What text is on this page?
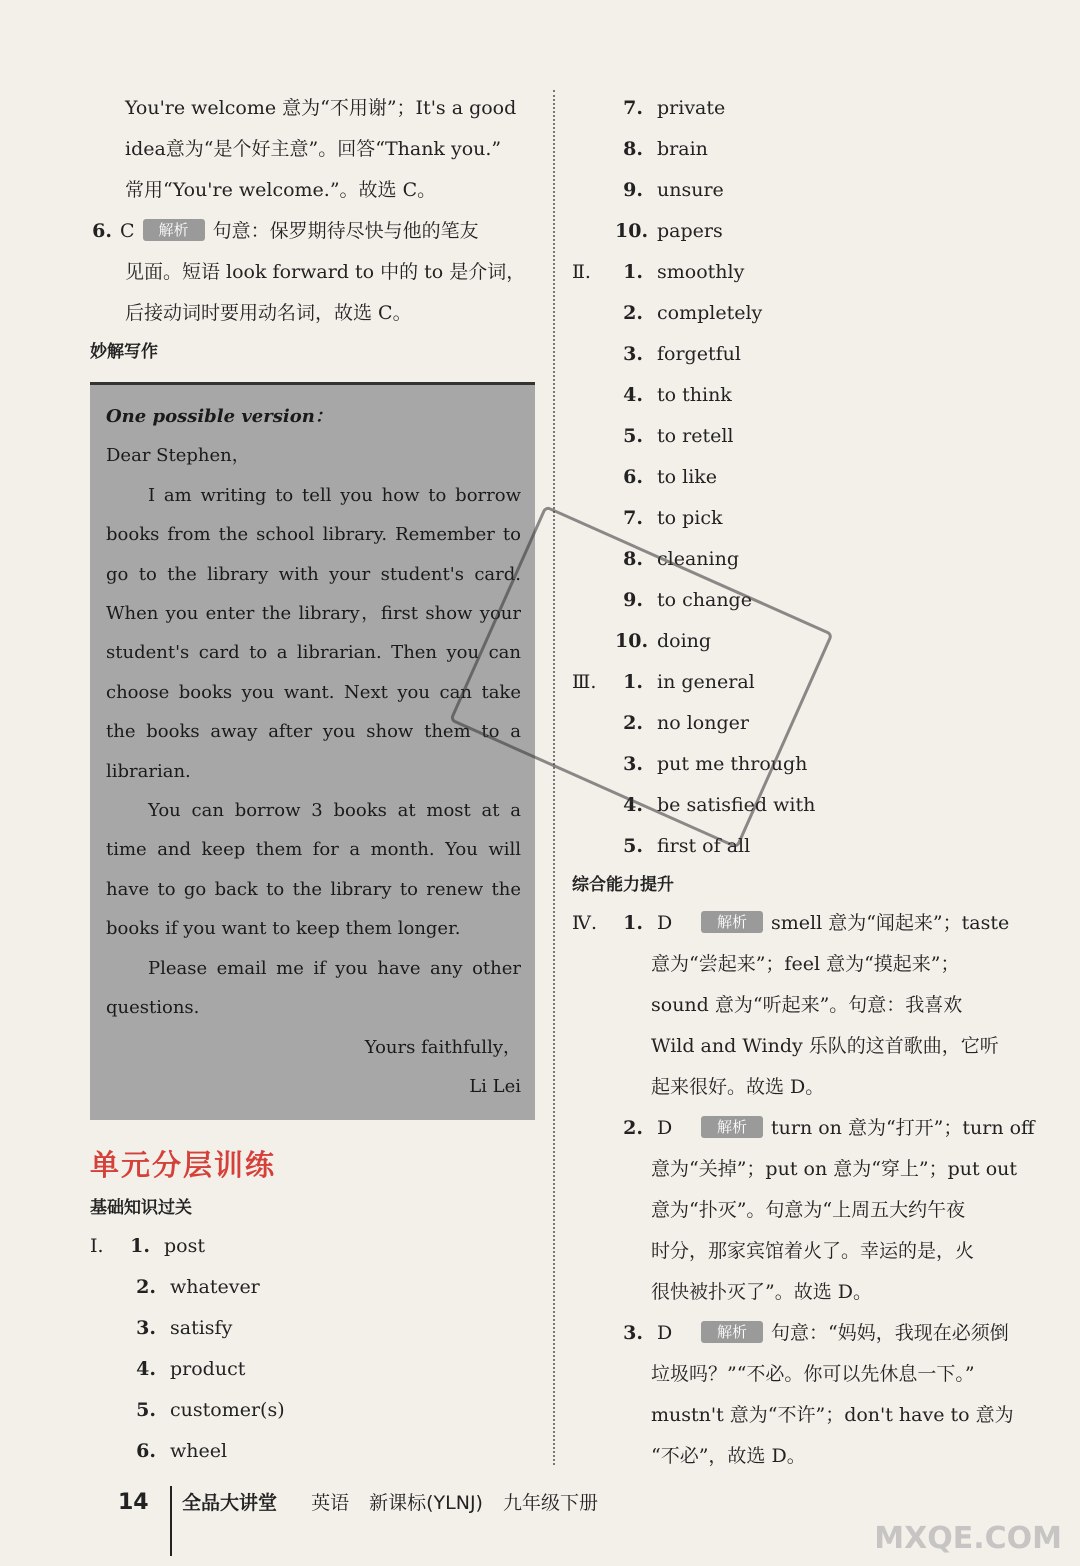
You're welcome 意为“不用谢”；It's a good
idea意为“是个好主意”。回答“Thank you.”
常用“You're welcome.”。故选 C。
6. C 解析 句意：保罗期待尽快与他的笔友
见面。短语 look forward to 中的 to 是介词，
后接动词时要用动名词，故选 C。
妙解写作
One possible version：
Dear Stephen，
I am writing to tell you how to borrow books from the school library. Remember to go to the library with your student's card. When you enter the library，first show your student's card to a librarian. Then you can choose books you want. Next you can take the books away after you show them to a librarian.
You can borrow 3 books at most at a time and keep them for a month. You will have to go back to the library to renew the books if you want to keep them longer.
Please email me if you have any other questions.
Yours faithfully，
Li Lei
单元分层训练
基础知识过关
Ⅰ. 1. post
2. whatever
3. satisfy
4. product
5. customer(s)
6. wheel
7. private
8. brain
9. unsure
10. papers
Ⅱ. 1. smoothly
2. completely
3. forgetful
4. to think
5. to retell
6. to like
7. to pick
8. cleaning
9. to change
10. doing
Ⅲ. 1. in general
2. no longer
3. put me through
4. be satisfied with
5. first of all
综合能力提升
Ⅳ. 1. D	解析 smell 意为“闻起来”；taste
意为“尝起来”；feel 意为“摸起来”；
sound 意为“听起来”。句意：我喜欢
Wild and Windy 乐队的这首歌曲，它听
起来很好。故选 D。
2. D	解析 turn on 意为“打开”；turn off
意为“关掉”；put on 意为“穿上”；put out
意为“扑灭”。句意为“上周五大约午夜
时分，那家宾馆着火了。幸运的是，火
很快被扑灭了”。故选 D。
3. D	解析 句意：“妈妈，我现在必须倒
垃圾吗？”“不必。你可以先休息一下。”
mustn't 意为“不许”；don't have to 意为
“不必”，故选 D。
14 全品大讲堂 英语 新课标(YLNJ) 九年级下册
MXQE.COM
